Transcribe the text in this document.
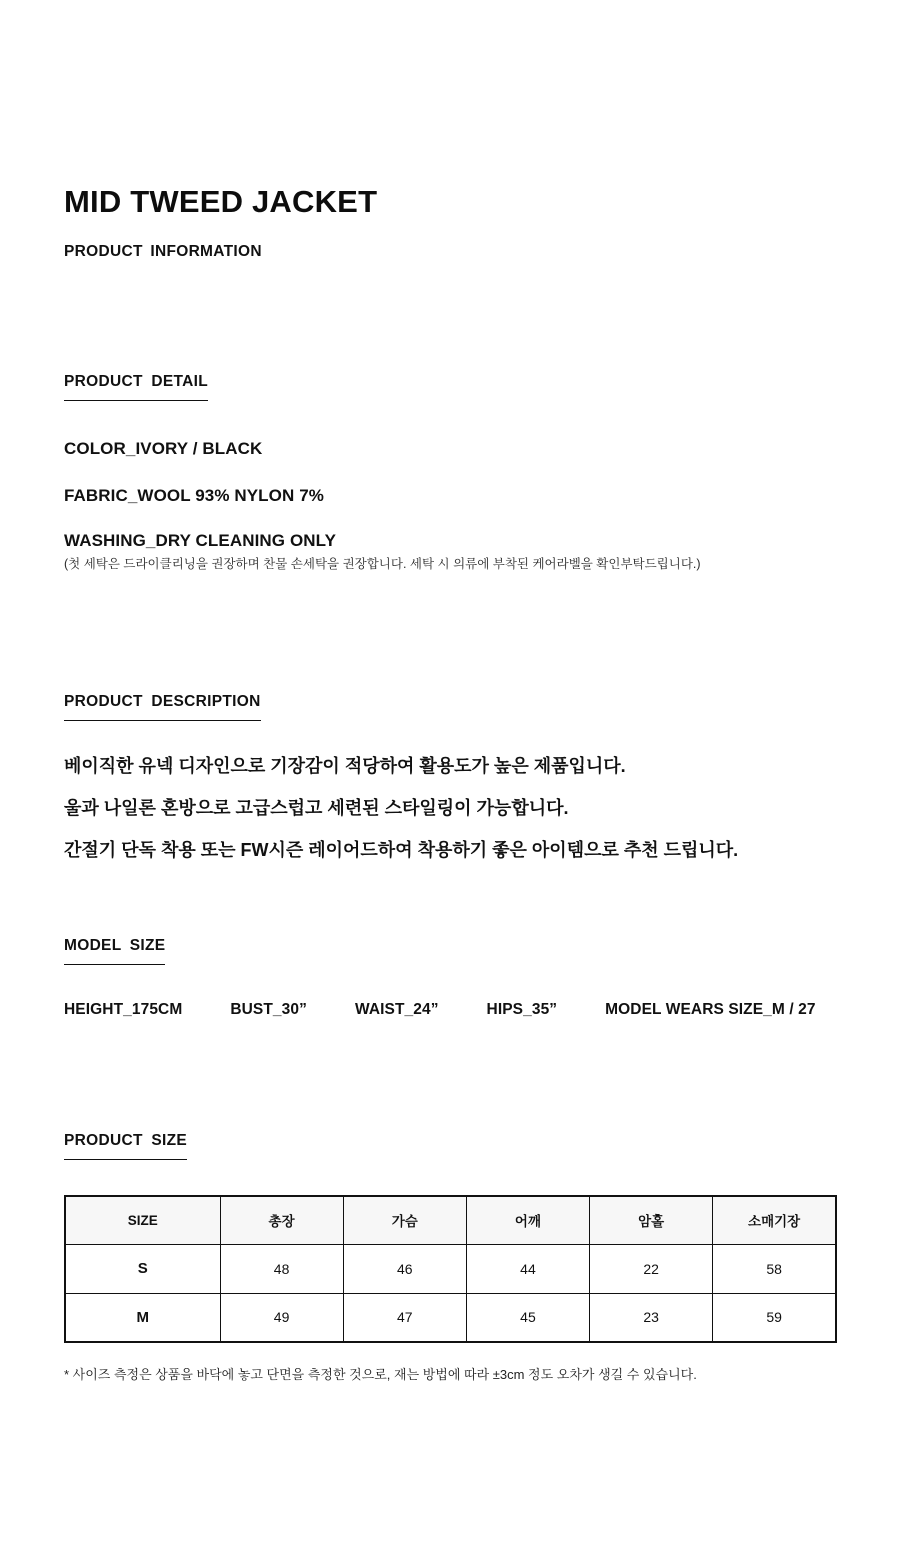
MID TWEED JACKET
PRODUCT INFORMATION
PRODUCT DETAIL
COLOR_IVORY / BLACK
FABRIC_WOOL 93% NYLON 7%
WASHING_DRY CLEANING ONLY
(첫 세탁은 드라이클리닝을 권장하며 찬물 손세탁을 권장합니다. 세탁 시 의류에 부착된 케어라벨을 확인부탁드립니다.)
PRODUCT DESCRIPTION

베이직한 유넥 디자인으로 기장감이 적당하여 활용도가 높은 제품입니다.

울과 나일론 혼방으로 고급스럽고 세련된 스타일링이 가능합니다.

간절기 단독 착용 또는 FW시즌 레이어드하여 착용하기 좋은 아이템으로 추천 드립니다.

MODEL SIZE
HEIGHT_175CM	BUST_30”	WAIST_24”	HIPS_35”	MODEL WEARS SIZE_M / 27
PRODUCT SIZE
SIZE	총장	가슴	어깨	암홀	소매기장
S	48	46	44	22	58
M	49	47	45	23	59
* 사이즈 측정은 상품을 바닥에 놓고 단면을 측정한 것으로, 재는 방법에 따라 ±3cm 정도 오차가 생길 수 있습니다.
